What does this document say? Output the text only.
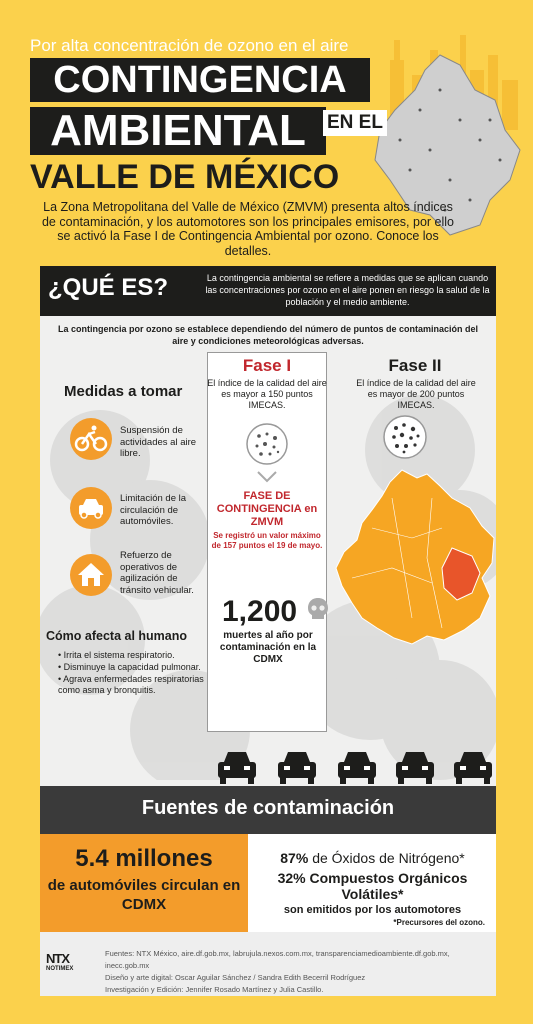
Por alta concentración de ozono en el aire
CONTINGENCIA
AMBIENTAL	EN EL
VALLE DE MÉXICO
La Zona Metropolitana del Valle de México (ZMVM) presenta altos índices de contaminación, y los automotores son los principales emisores, por ello se activó la Fase I de Contingencia Ambiental por ozono. Conoce los detalles.
¿QUÉ ES?	La contingencia ambiental se refiere a medidas que se aplican cuando las concentraciones por ozono en el aire ponen en riesgo la salud de la población y el medio ambiente.
La contingencia por ozono se establece dependiendo del número de puntos de contaminación del aire y condiciones meteorológicas adversas.
Medidas a tomar
Suspensión de actividades al aire libre.
Limitación de la circulación de automóviles.
Refuerzo de operativos de agilización de tránsito vehicular.
Cómo afecta al humano
• Irrita el sistema respiratorio.
• Disminuye la capacidad pulmonar.
• Agrava enfermedades respiratorias como asma y bronquitis.
Fase I
El índice de la calidad del aire es mayor a 150 puntos IMECAS.
FASE DE CONTINGENCIA en ZMVM
Se registró un valor máximo de 157 puntos el 19 de mayo.
1,200
muertes al año por contaminación en la CDMX
Fase II
El índice de la calidad del aire es mayor de 200 puntos IMECAS.
Fuentes de contaminación
5.4 millones
de automóviles circulan en CDMX
87% de Óxidos de Nitrógeno*
32% Compuestos Orgánicos Volátiles*
son emitidos por los automotores
*Precursores del ozono.
NTX
NOTIMEX
Fuentes: NTX México, aire.df.gob.mx, labrujula.nexos.com.mx, transparenciamedioambiente.df.gob.mx, inecc.gob.mx
Diseño y arte digital: Oscar Aguilar Sánchez / Sandra Edith Becerril Rodríguez
Investigación y Edición: Jennifer Rosado Martínez y Julia Castillo.
